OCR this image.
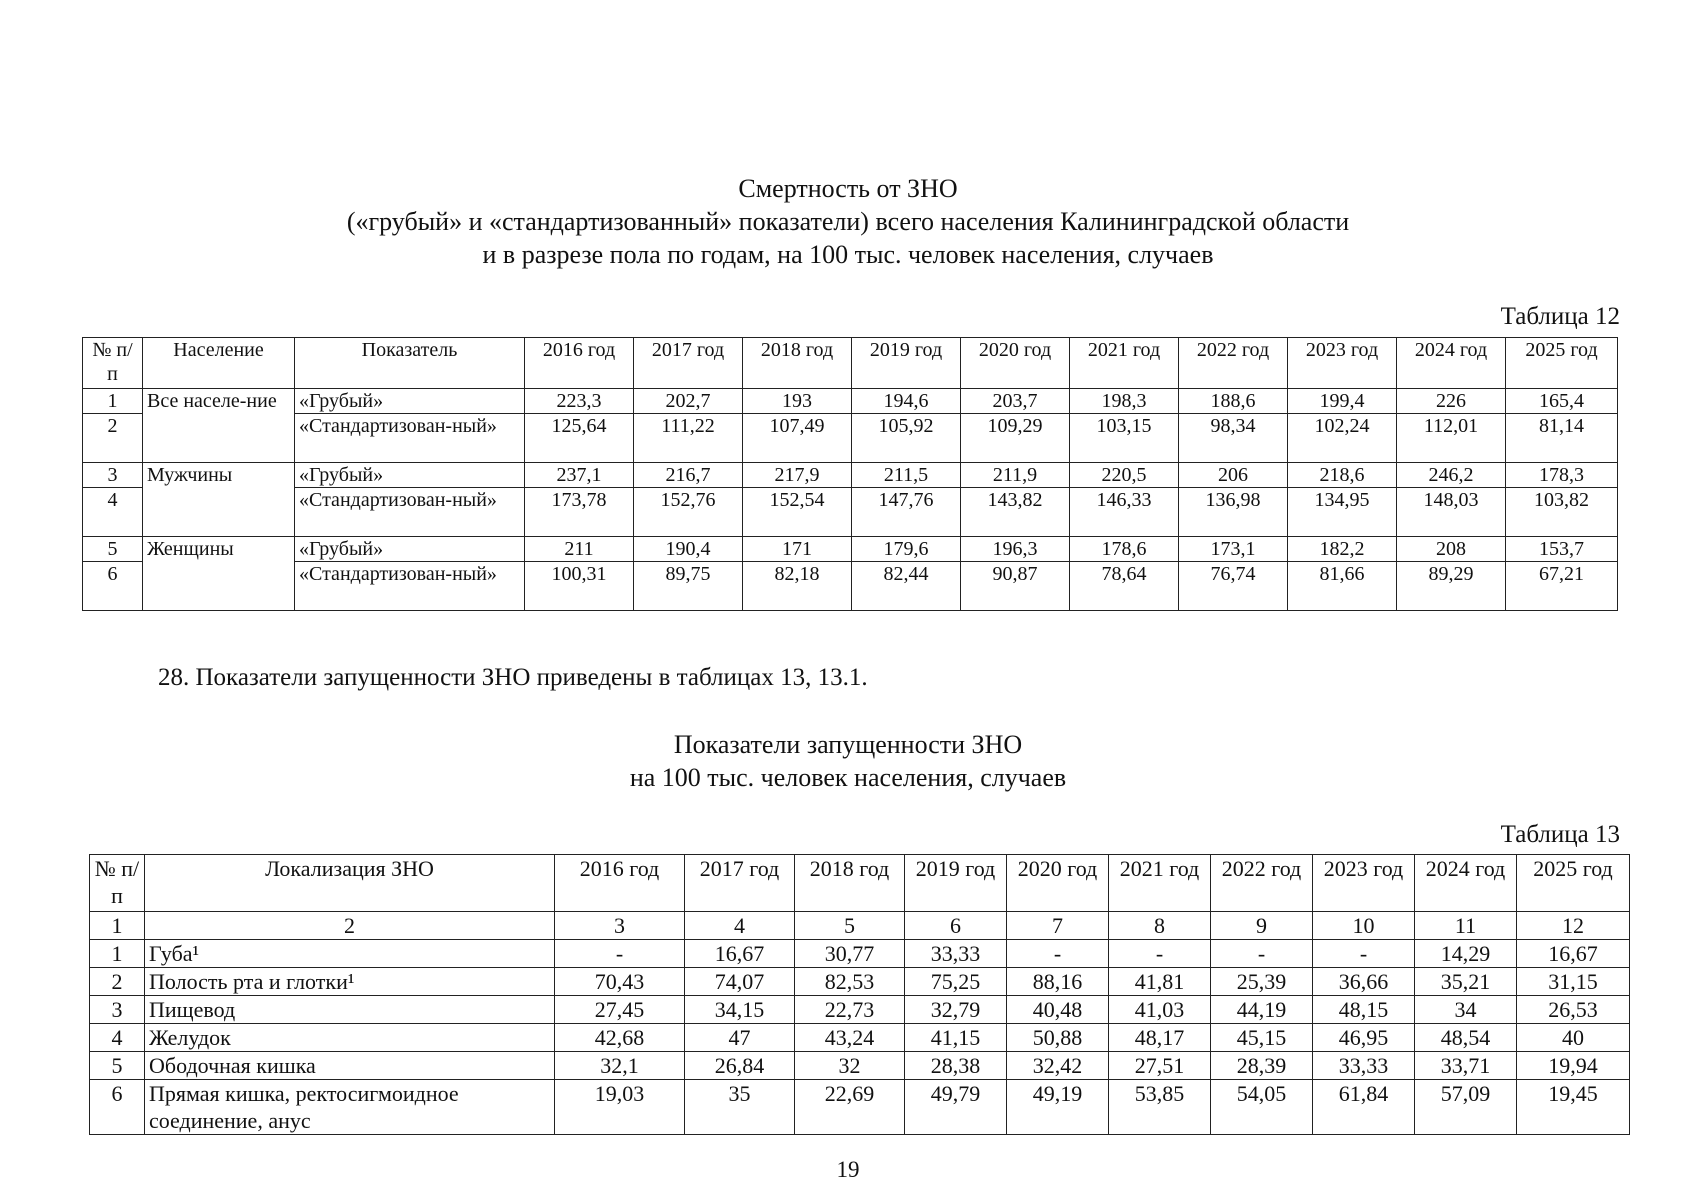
Смертность от ЗНО
(«грубый» и «стандартизованный» показатели) всего населения Калининградской области
и в разрезе пола по годам, на 100 тыс. человек населения, случаев
Таблица 12
№ п/п	Население	Показатель	2016 год	2017 год	2018 год	2019 год	2020 год	2021 год	2022 год	2023 год	2024 год	2025 год
1	Все населе-ние	«Грубый»	223,3	202,7	193	194,6	203,7	198,3	188,6	199,4	226	165,4
2		«Стандартизован-ный»	125,64	111,22	107,49	105,92	109,29	103,15	98,34	102,24	112,01	81,14
3	Мужчины	«Грубый»	237,1	216,7	217,9	211,5	211,9	220,5	206	218,6	246,2	178,3
4		«Стандартизован-ный»	173,78	152,76	152,54	147,76	143,82	146,33	136,98	134,95	148,03	103,82
5	Женщины	«Грубый»	211	190,4	171	179,6	196,3	178,6	173,1	182,2	208	153,7
6		«Стандартизован-ный»	100,31	89,75	82,18	82,44	90,87	78,64	76,74	81,66	89,29	67,21
28. Показатели запущенности ЗНО приведены в таблицах 13, 13.1.
Показатели запущенности ЗНО
на 100 тыс. человек населения, случаев
Таблица 13
№ п/п	Локализация ЗНО	2016 год	2017 год	2018 год	2019 год	2020 год	2021 год	2022 год	2023 год	2024 год	2025 год
1	2	3	4	5	6	7	8	9	10	11	12
1	Губа¹	-	16,67	30,77	33,33	-	-	-	-	14,29	16,67
2	Полость рта и глотки¹	70,43	74,07	82,53	75,25	88,16	41,81	25,39	36,66	35,21	31,15
3	Пищевод	27,45	34,15	22,73	32,79	40,48	41,03	44,19	48,15	34	26,53
4	Желудок	42,68	47	43,24	41,15	50,88	48,17	45,15	46,95	48,54	40
5	Ободочная кишка	32,1	26,84	32	28,38	32,42	27,51	28,39	33,33	33,71	19,94
6	Прямая кишка, ректосигмоидное соединение, анус	19,03	35	22,69	49,79	49,19	53,85	54,05	61,84	57,09	19,45
19
